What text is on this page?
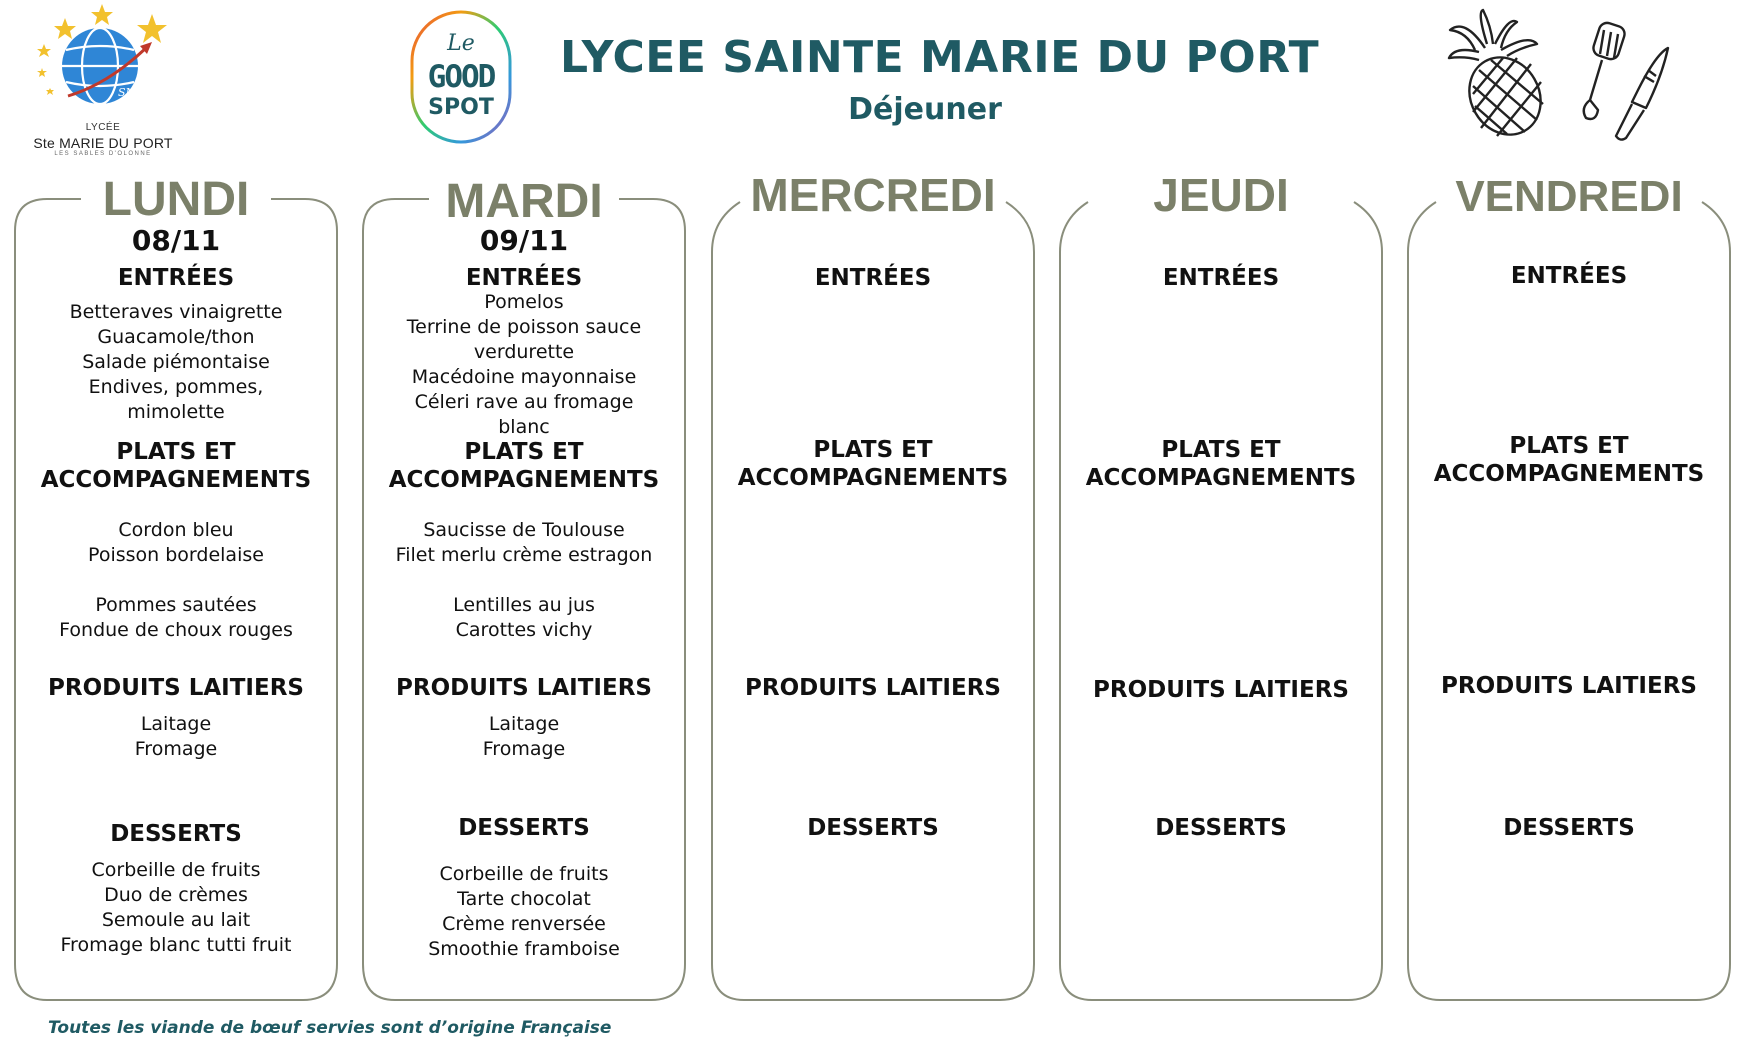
SMP
LYCÉE
Ste MARIE DU PORT
LES SABLES D'OLONNE
Le
GOOD
SPOT
LYCEE SAINTE MARIE DU PORT
Déjeuner
LUNDI
08/11
ENTRÉES
Betteraves vinaigrette
Guacamole/thon
Salade piémontaise
Endives, pommes,
mimolette
PLATS ET
ACCOMPAGNEMENTS
Cordon bleu
Poisson bordelaise
Pommes sautées
Fondue de choux rouges
PRODUITS LAITIERS
Laitage
Fromage
DESSERTS
Corbeille de fruits
Duo de crèmes
Semoule au lait
Fromage blanc tutti fruit
MARDI
09/11
ENTRÉES
Pomelos
Terrine de poisson sauce
verdurette
Macédoine mayonnaise
Céleri rave au fromage
blanc
PLATS ET
ACCOMPAGNEMENTS
Saucisse de Toulouse
Filet merlu crème estragon
Lentilles au jus
Carottes vichy
PRODUITS LAITIERS
Laitage
Fromage
DESSERTS
Corbeille de fruits
Tarte chocolat
Crème renversée
Smoothie framboise
MERCREDI
ENTRÉES
PLATS ET
ACCOMPAGNEMENTS
PRODUITS LAITIERS
DESSERTS
JEUDI
ENTRÉES
PLATS ET
ACCOMPAGNEMENTS
PRODUITS LAITIERS
DESSERTS
VENDREDI
ENTRÉES
PLATS ET
ACCOMPAGNEMENTS
PRODUITS LAITIERS
DESSERTS
Toutes les viande de bœuf servies sont d’origine Française
